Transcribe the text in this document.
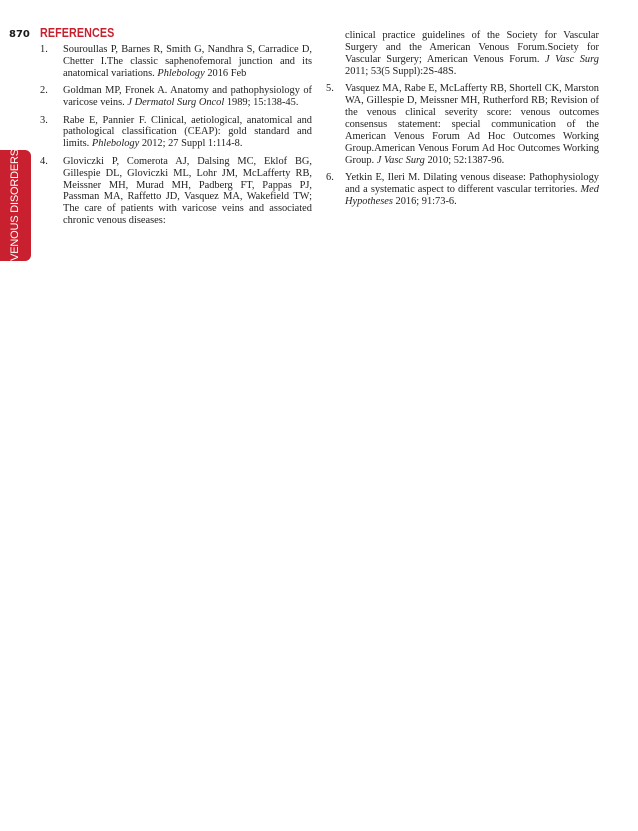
870
VENOUS DISORDERS
REFERENCES
1. Souroullas P, Barnes R, Smith G, Nandhra S, Carradice D, Chetter I.The classic saphenofemoral junction and its anatomical variations. Phlebology 2016 Feb
2. Goldman MP, Fronek A. Anatomy and pathophysiology of varicose veins. J Dermatol Surg Oncol 1989; 15:138-45.
3. Rabe E, Pannier F. Clinical, aetiological, anatomical and pathological classification (CEAP): gold standard and limits. Phlebology 2012; 27 Suppl 1:114-8.
4. Gloviczki P, Comerota AJ, Dalsing MC, Eklof BG, Gillespie DL, Gloviczki ML, Lohr JM, McLafferty RB, Meissner MH, Murad MH, Padberg FT, Pappas PJ, Passman MA, Raffetto JD, Vasquez MA, Wakefield TW; The care of patients with varicose veins and associated chronic venous diseases:
clinical practice guidelines of the Society for Vascular Surgery and the American Venous Forum.Society for Vascular Surgery; American Venous Forum. J Vasc Surg 2011; 53(5 Suppl):2S-48S.
5. Vasquez MA, Rabe E, McLafferty RB, Shortell CK, Marston WA, Gillespie D, Meissner MH, Rutherford RB; Revision of the venous clinical severity score: venous outcomes consensus statement: special communication of the American Venous Forum Ad Hoc Outcomes Working Group.American Venous Forum Ad Hoc Outcomes Working Group. J Vasc Surg 2010; 52:1387-96.
6. Yetkin E, Ileri M. Dilating venous disease: Pathophysiology and a systematic aspect to different vascular territories. Med Hypotheses 2016; 91:73-6.
